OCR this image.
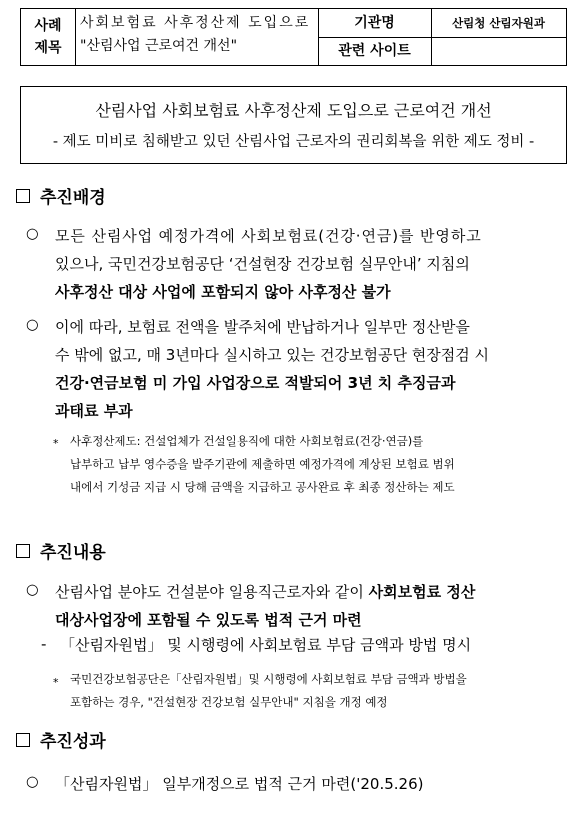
사례
제목
사회보험료 사후정산제 도입으로
"산림사업 근로여건 개선"
기관명	산림청 산림자원과
관련 사이트
산림사업 사회보험료 사후정산제 도입으로 근로여건 개선
- 제도 미비로 침해받고 있던 산림사업 근로자의 권리회복을 위한 제도 정비 -
추진배경
○ 모든 산림사업 예정가격에 사회보험료(건강·연금)를 반영하고
있으나, 국민건강보험공단 ‘건설현장 건강보험 실무안내’ 지침의
사후정산 대상 사업에 포함되지 않아 사후정산 불가
○ 이에 따라, 보험료 전액을 발주처에 반납하거나 일부만 정산받을
수 밖에 없고, 매 3년마다 실시하고 있는 건강보험공단 현장점검 시
건강·연금보험 미 가입 사업장으로 적발되어 3년 치 추징금과
과태료 부과
* 사후정산제도: 건설업체가 건설일용직에 대한 사회보험료(건강·연금)를
납부하고 납부 영수증을 발주기관에 제출하면 예정가격에 계상된 보험료 범위
내에서 기성금 지급 시 당해 금액을 지급하고 공사완료 후 최종 정산하는 제도
추진내용
○ 산림사업 분야도 건설분야 일용직근로자와 같이 사회보험료 정산
대상사업장에 포함될 수 있도록 법적 근거 마련
- 「산림자원법」 및 시행령에 사회보험료 부담 금액과 방법 명시
* 국민건강보험공단은「산림자원법」및 시행령에 사회보험료 부담 금액과 방법을
포함하는 경우, "건설현장 건강보험 실무안내" 지침을 개정 예정
추진성과
○ 「산림자원법」 일부개정으로 법적 근거 마련('20.5.26)
